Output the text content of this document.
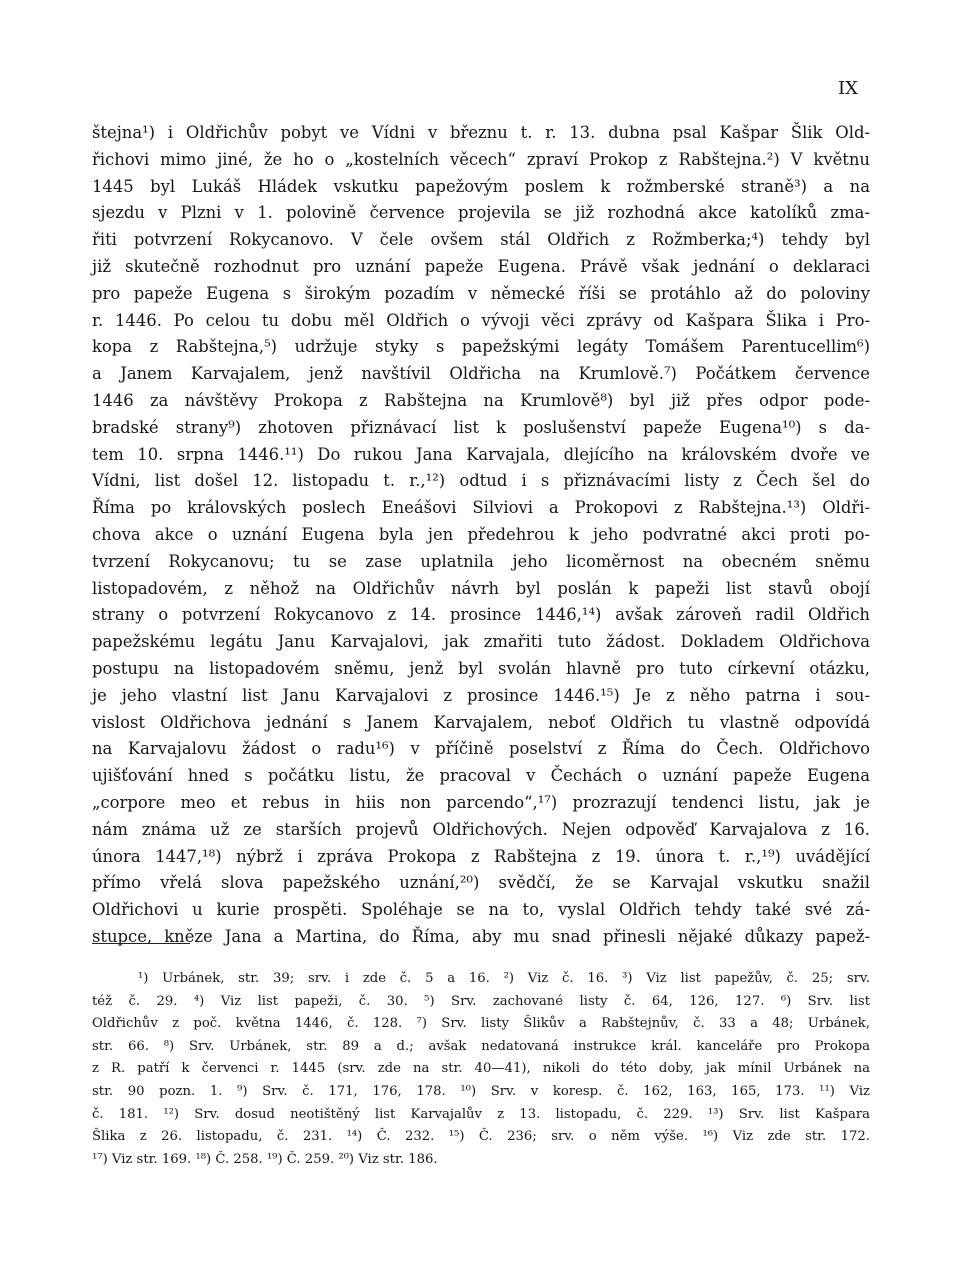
IX
štejna¹) i Oldřichův pobyt ve Vídni v březnu t. r. 13. dubna psal Kašpar Šlik Old-
řichovi mimo jiné, že ho o „kostelních věcech“ zpraví Prokop z Rabštejna.²) V květnu
1445 byl Lukáš Hládek vskutku papežovým poslem k rožmberské straně³) a na
sjezdu v Plzni v 1. polovině července projevila se již rozhodná akce katolíků zma-
řiti potvrzení Rokycanovo. V čele ovšem stál Oldřich z Rožmberka;⁴) tehdy byl
již skutečně rozhodnut pro uznání papeže Eugena. Právě však jednání o deklaraci
pro papeže Eugena s širokým pozadím v německé říši se protáhlo až do poloviny
r. 1446. Po celou tu dobu měl Oldřich o vývoji věci zprávy od Kašpara Šlika i Pro-
kopa z Rabštejna,⁵) udržuje styky s papežskými legáty Tomášem Parentucellim⁶)
a Janem Karvajalem, jenž navštívil Oldřicha na Krumlově.⁷) Počátkem července
1446 za návštěvy Prokopa z Rabštejna na Krumlově⁸) byl již přes odpor pode-
bradské strany⁹) zhotoven přiznávací list k poslušenství papeže Eugena¹⁰) s da-
tem 10. srpna 1446.¹¹) Do rukou Jana Karvajala, dlejícího na královském dvoře ve
Vídni, list došel 12. listopadu t. r.,¹²) odtud i s přiznávacími listy z Čech šel do
Říma po královských poslech Eneášovi Silviovi a Prokopovi z Rabštejna.¹³) Oldři-
chova akce o uznání Eugena byla jen předehrou k jeho podvratné akci proti po-
tvrzení Rokycanovu; tu se zase uplatnila jeho licoměrnost na obecném sněmu
listopadovém, z něhož na Oldřichův návrh byl poslán k papeži list stavů obojí
strany o potvrzení Rokycanovo z 14. prosince 1446,¹⁴) avšak zároveň radil Oldřich
papežskému legátu Janu Karvajalovi, jak zmařiti tuto žádost. Dokladem Oldřichova
postupu na listopadovém sněmu, jenž byl svolán hlavně pro tuto církevní otázku,
je jeho vlastní list Janu Karvajalovi z prosince 1446.¹⁵) Je z něho patrna i sou-
vislost Oldřichova jednání s Janem Karvajalem, neboť Oldřich tu vlastně odpovídá
na Karvajalovu žádost o radu¹⁶) v příčině poselství z Říma do Čech. Oldřichovo
ujišťování hned s počátku listu, že pracoval v Čechách o uznání papeže Eugena
„corpore meo et rebus in hiis non parcendo“,¹⁷) prozrazují tendenci listu, jak je
nám známa už ze starších projevů Oldřichových. Nejen odpověď Karvajalova z 16.
února 1447,¹⁸) nýbrž i zpráva Prokopa z Rabštejna z 19. února t. r.,¹⁹) uvádějící
přímo vřelá slova papežského uznání,²⁰) svědčí, že se Karvajal vskutku snažil
Oldřichovi u kurie prospěti. Spoléhaje se na to, vyslal Oldřich tehdy také své zá-
stupce, kněze Jana a Martina, do Říma, aby mu snad přinesli nějaké důkazy papež-
¹) Urbánek, str. 39; srv. i zde č. 5 a 16. ²) Viz č. 16. ³) Viz list papežův, č. 25; srv.
též č. 29. ⁴) Viz list papeži, č. 30. ⁵) Srv. zachované listy č. 64, 126, 127. ⁶) Srv. list
Oldřichův z poč. května 1446, č. 128. ⁷) Srv. listy Šlikův a Rabštejnův, č. 33 a 48; Urbánek,
str. 66. ⁸) Srv. Urbánek, str. 89 a d.; avšak nedatovaná instrukce král. kanceláře pro Prokopa
z R. patří k červenci r. 1445 (srv. zde na str. 40—41), nikoli do této doby, jak mínil Urbánek na
str. 90 pozn. 1. ⁹) Srv. č. 171, 176, 178. ¹⁰) Srv. v koresp. č. 162, 163, 165, 173. ¹¹) Viz
č. 181. ¹²) Srv. dosud neotištěný list Karvajalův z 13. listopadu, č. 229. ¹³) Srv. list Kašpara
Šlika z 26. listopadu, č. 231. ¹⁴) Č. 232. ¹⁵) Č. 236; srv. o něm výše. ¹⁶) Viz zde str. 172.
¹⁷) Viz str. 169. ¹⁸) Č. 258. ¹⁹) Č. 259. ²⁰) Viz str. 186.
